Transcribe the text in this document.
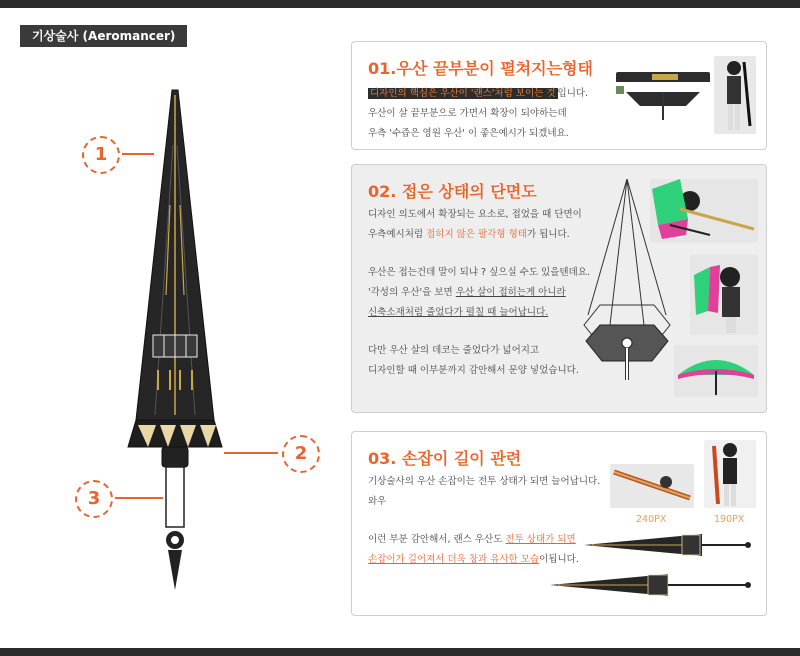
기상술사 (Aeromancer)
1
2
3
01.우산 끝부분이 펼쳐지는형태
디자인의 핵심은 우산이 '랜스'처럼 보이는 것 입니다.
우산이 살 끝부분으로 가면서 확장이 되야하는데
우측 '수즙은 영원 우산' 이 좋은예시가 되겠네요.
02. 접은 상태의 단면도
디자인 의도에서 확장되는 요소로, 접었을 때 단면이
우측예시처럼 접히지 않은 팔각형 형태가 됩니다.
우산은 접는건데 말이 되냐 ? 싶으실 수도 있을텐데요.
'각성의 우산'을 보면 우산 살이 접히는게 아니라
신축소재처럼 줄었다가 펼칠 때 늘어납니다.
다만 우산 살의 데코는 줄었다가 넓어지고
디자인할 때 이부분까지 감안해서 문양 넣었습니다.
03. 손잡이 길이 관련
기상술사의 우산 손잡이는 전투 상태가 되면 늘어납니다.
와우
이런 부분 감안해서, 랜스 우산도 전투 상태가 되면
손잡이가 길어져서 더욱 창과 유사한 모습이됩니다.
240PX	190PX
